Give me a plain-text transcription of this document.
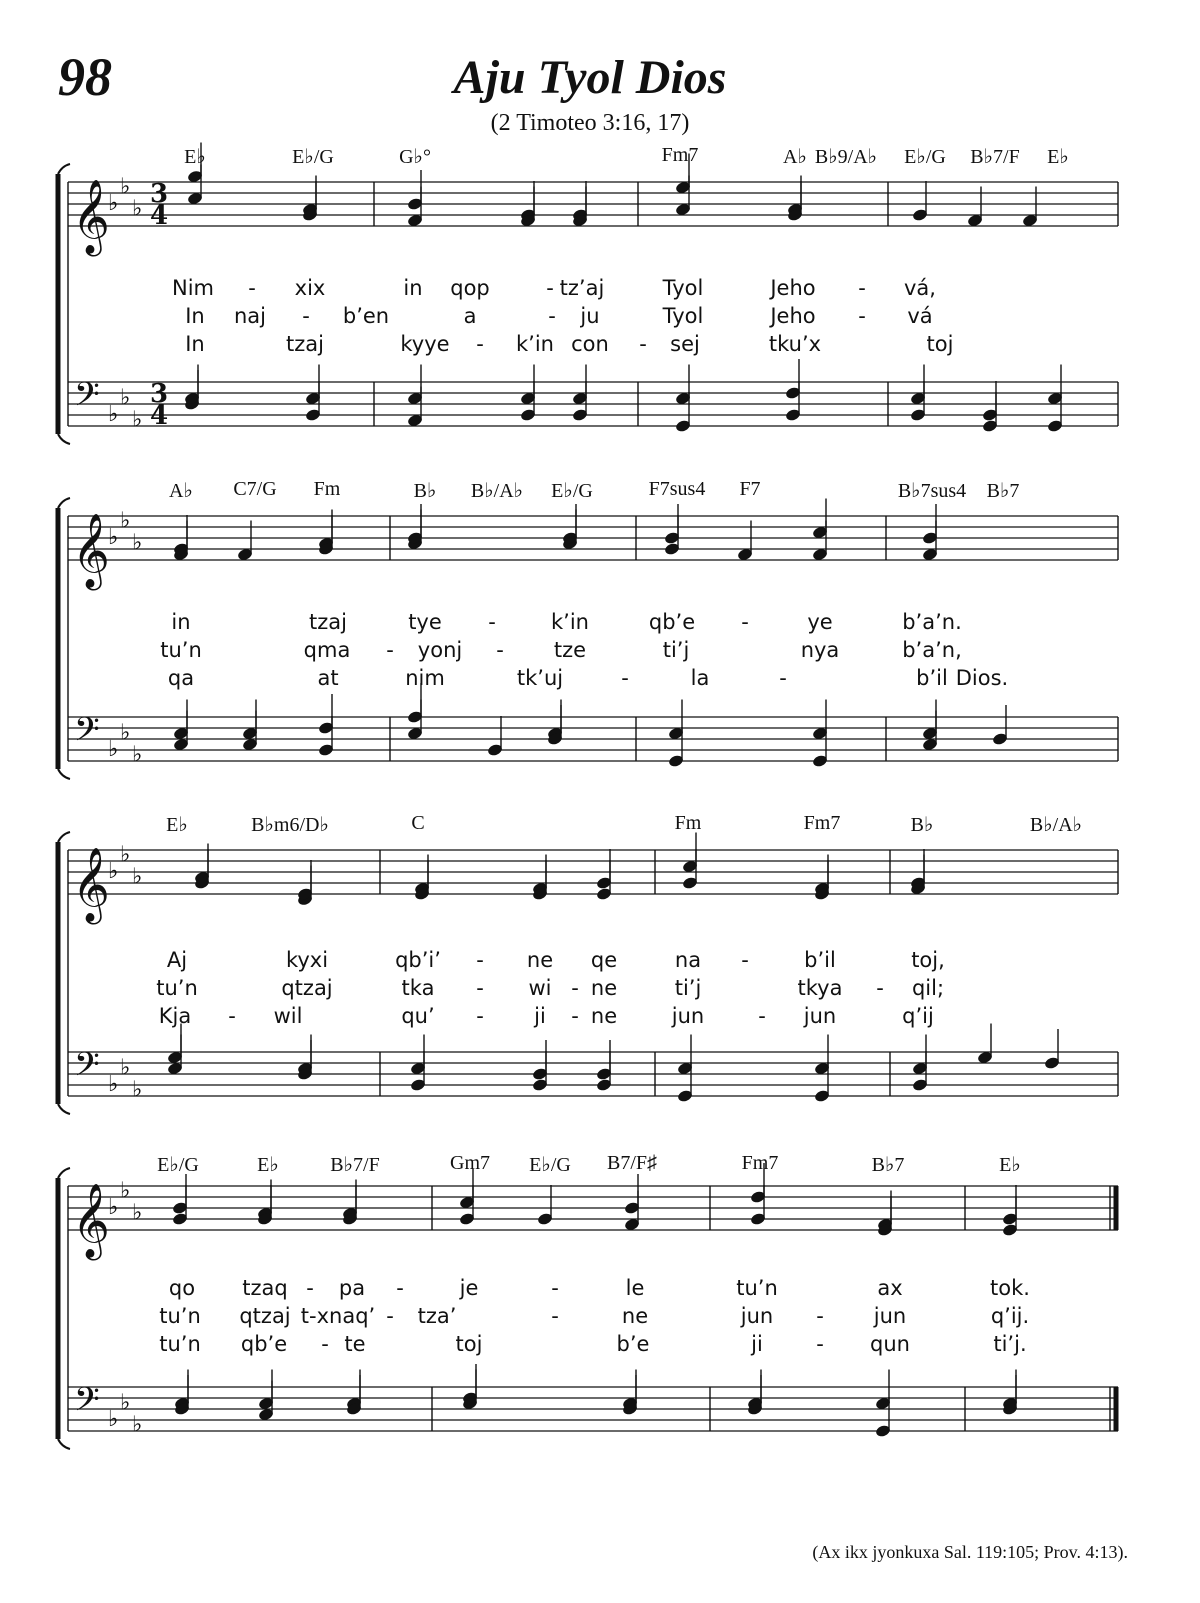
98	Aju Tyol Dios
(2 Timoteo 3:16, 17)
𝄞
𝄢
♭
♭
♭
♭
♭
♭
3
4
3
4
𝄞
𝄢
♭
♭
♭
♭
♭
♭
𝄞
𝄢
♭
♭
♭
♭
♭
♭
𝄞
𝄢
♭
♭
♭
♭
♭
♭
E♭	E♭/G	G♭°	Fm7	A♭ B♭9/A♭ E♭/G B♭7/F E♭
Nim - xix	in qop	- tz’aj	Tyol	Jeho - vá,
In naj - b’en	a	- ju	Tyol	Jeho - vá
In	tzaj	kyye - k’in con - sej	tku’x	toj
A♭ C7/G Fm	B♭ B♭/A♭ E♭/G	F7sus4 F7	B♭7sus4 B♭7
in	tzaj	tye -	k’in	qb’e -	ye	b’a’n.
tu’n	qma - yonj - tze	ti’j	nya	b’a’n,
qa	at	nim	tk’uj	-	la	-	b’il Dios.
E♭	B♭m6/D♭	C	Fm	Fm7	B♭	B♭/A♭
Aj	kyxi	qb’i’ - ne qe	na -	b’il	toj,
tu’n	qtzaj	tka - wi - ne	ti’j	tkya - qil;
Kja - wil	qu’ - ji - ne	jun	- jun	q’ij
E♭/G	E♭	B♭7/F	Gm7 E♭/G B7/F♯	Fm7	B♭7	E♭
qo tzaq - pa -	je	-	le	tu’n	ax	tok.
tu’n qtzaj t-xnaq’ - tza’	-	ne	jun - jun	q’ij.
tu’n qb’e - te	toj	b’e	ji	- qun	ti’j.
(Ax ikx jyonkuxa Sal. 119:105; Prov. 4:13).
